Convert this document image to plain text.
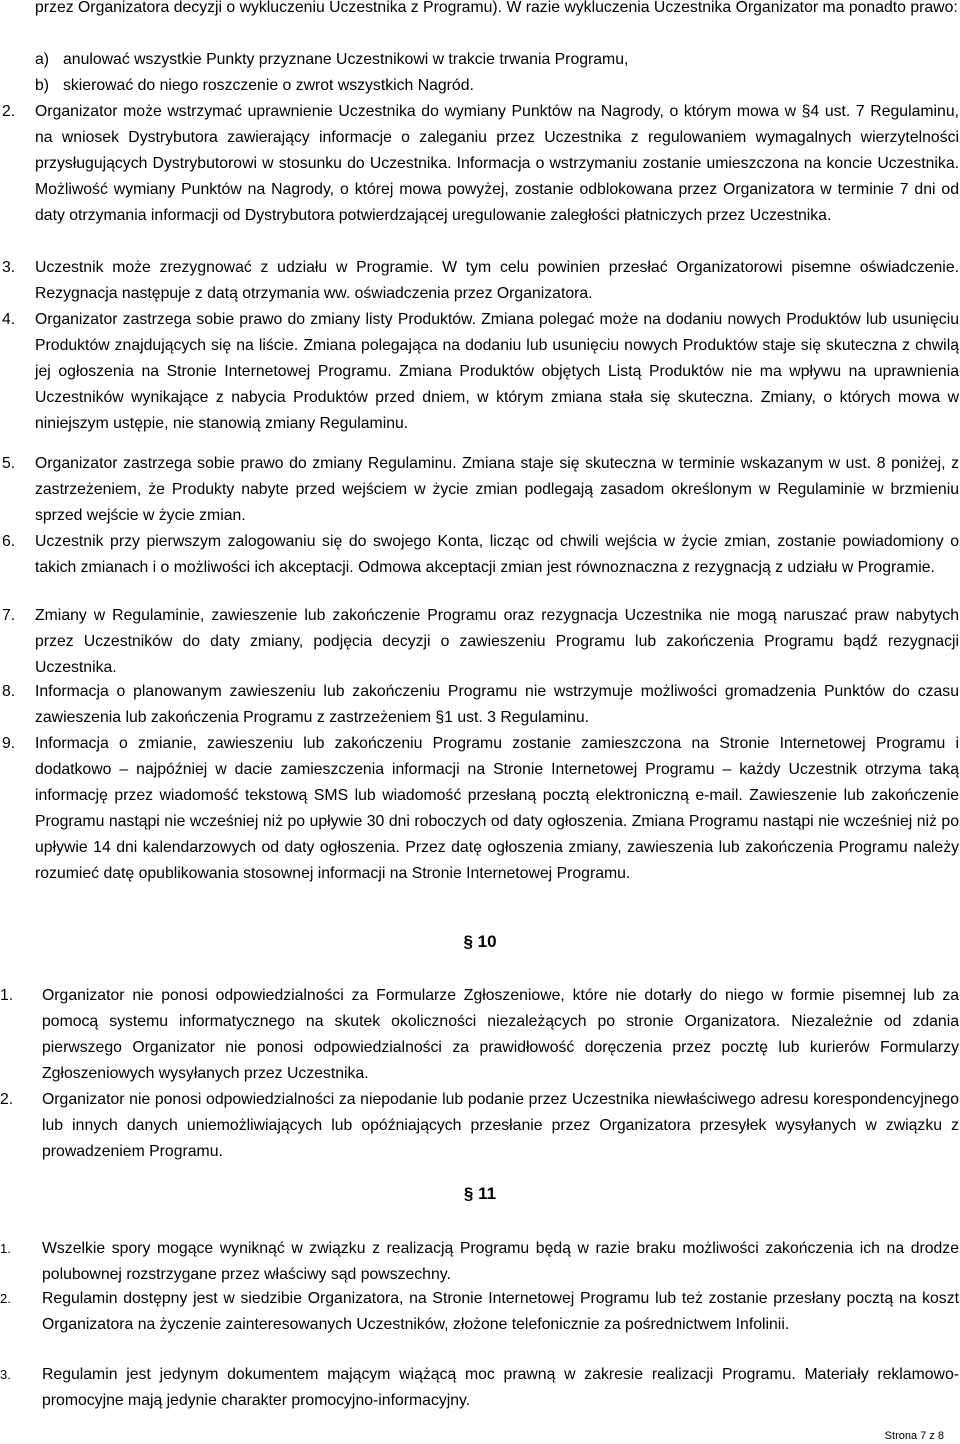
przez Organizatora decyzji o wykluczeniu Uczestnika z Programu). W razie wykluczenia Uczestnika Organizator ma ponadto prawo:
a) anulować wszystkie Punkty przyznane Uczestnikowi w trakcie trwania Programu,
b) skierować do niego roszczenie o zwrot wszystkich Nagród.
2. Organizator może wstrzymać uprawnienie Uczestnika do wymiany Punktów na Nagrody, o którym mowa w §4 ust. 7 Regulaminu, na wniosek Dystrybutora zawierający informacje o zaleganiu przez Uczestnika z regulowaniem wymagalnych wierzytelności przysługujących Dystrybutorowi w stosunku do Uczestnika. Informacja o wstrzymaniu zostanie umieszczona na koncie Uczestnika. Możliwość wymiany Punktów na Nagrody, o której mowa powyżej, zostanie odblokowana przez Organizatora w terminie 7 dni od daty otrzymania informacji od Dystrybutora potwierdzającej uregulowanie zaległości płatniczych przez Uczestnika.
3. Uczestnik może zrezygnować z udziału w Programie. W tym celu powinien przesłać Organizatorowi pisemne oświadczenie. Rezygnacja następuje z datą otrzymania ww. oświadczenia przez Organizatora.
4. Organizator zastrzega sobie prawo do zmiany listy Produktów. Zmiana polegać może na dodaniu nowych Produktów lub usunięciu Produktów znajdujących się na liście. Zmiana polegająca na dodaniu lub usunięciu nowych Produktów staje się skuteczna z chwilą jej ogłoszenia na Stronie Internetowej Programu. Zmiana Produktów objętych Listą Produktów nie ma wpływu na uprawnienia Uczestników wynikające z nabycia Produktów przed dniem, w którym zmiana stała się skuteczna. Zmiany, o których mowa w niniejszym ustępie, nie stanowią zmiany Regulaminu.
5. Organizator zastrzega sobie prawo do zmiany Regulaminu. Zmiana staje się skuteczna w terminie wskazanym w ust. 8 poniżej, z zastrzeżeniem, że Produkty nabyte przed wejściem w życie zmian podlegają zasadom określonym w Regulaminie w brzmieniu sprzed wejście w życie zmian.
6. Uczestnik przy pierwszym zalogowaniu się do swojego Konta, licząc od chwili wejścia w życie zmian, zostanie powiadomiony o takich zmianach i o możliwości ich akceptacji. Odmowa akceptacji zmian jest równoznaczna z rezygnacją z udziału w Programie.
7. Zmiany w Regulaminie, zawieszenie lub zakończenie Programu oraz rezygnacja Uczestnika nie mogą naruszać praw nabytych przez Uczestników do daty zmiany, podjęcia decyzji o zawieszeniu Programu lub zakończenia Programu bądź rezygnacji Uczestnika.
8. Informacja o planowanym zawieszeniu lub zakończeniu Programu nie wstrzymuje możliwości gromadzenia Punktów do czasu zawieszenia lub zakończenia Programu z zastrzeżeniem §1 ust. 3 Regulaminu.
9. Informacja o zmianie, zawieszeniu lub zakończeniu Programu zostanie zamieszczona na Stronie Internetowej Programu i dodatkowo – najpóźniej w dacie zamieszczenia informacji na Stronie Internetowej Programu – każdy Uczestnik otrzyma taką informację przez wiadomość tekstową SMS lub wiadomość przesłaną pocztą elektroniczną e-mail. Zawieszenie lub zakończenie Programu nastąpi nie wcześniej niż po upływie 30 dni roboczych od daty ogłoszenia. Zmiana Programu nastąpi nie wcześniej niż po upływie 14 dni kalendarzowych od daty ogłoszenia. Przez datę ogłoszenia zmiany, zawieszenia lub zakończenia Programu należy rozumieć datę opublikowania stosownej informacji na Stronie Internetowej Programu.
§ 10
1. Organizator nie ponosi odpowiedzialności za Formularze Zgłoszeniowe, które nie dotarły do niego w formie pisemnej lub za pomocą systemu informatycznego na skutek okoliczności niezależących po stronie Organizatora. Niezależnie od zdania pierwszego Organizator nie ponosi odpowiedzialności za prawidłowość doręczenia przez pocztę lub kurierów Formularzy Zgłoszeniowych wysyłanych przez Uczestnika.
2. Organizator nie ponosi odpowiedzialności za niepodanie lub podanie przez Uczestnika niewłaściwego adresu korespondencyjnego lub innych danych uniemożliwiających lub opóźniających przesłanie przez Organizatora przesyłek wysyłanych w związku z prowadzeniem Programu.
§ 11
1. Wszelkie spory mogące wyniknąć w związku z realizacją Programu będą w razie braku możliwości zakończenia ich na drodze polubownej rozstrzygane przez właściwy sąd powszechny.
2. Regulamin dostępny jest w siedzibie Organizatora, na Stronie Internetowej Programu lub też zostanie przesłany pocztą na koszt Organizatora na życzenie zainteresowanych Uczestników, złożone telefonicznie za pośrednictwem Infolinii.
3. Regulamin jest jedynym dokumentem mającym wiążącą moc prawną w zakresie realizacji Programu. Materiały reklamowo-promocyjne mają jedynie charakter promocyjno-informacyjny.
Strona 7 z 8
